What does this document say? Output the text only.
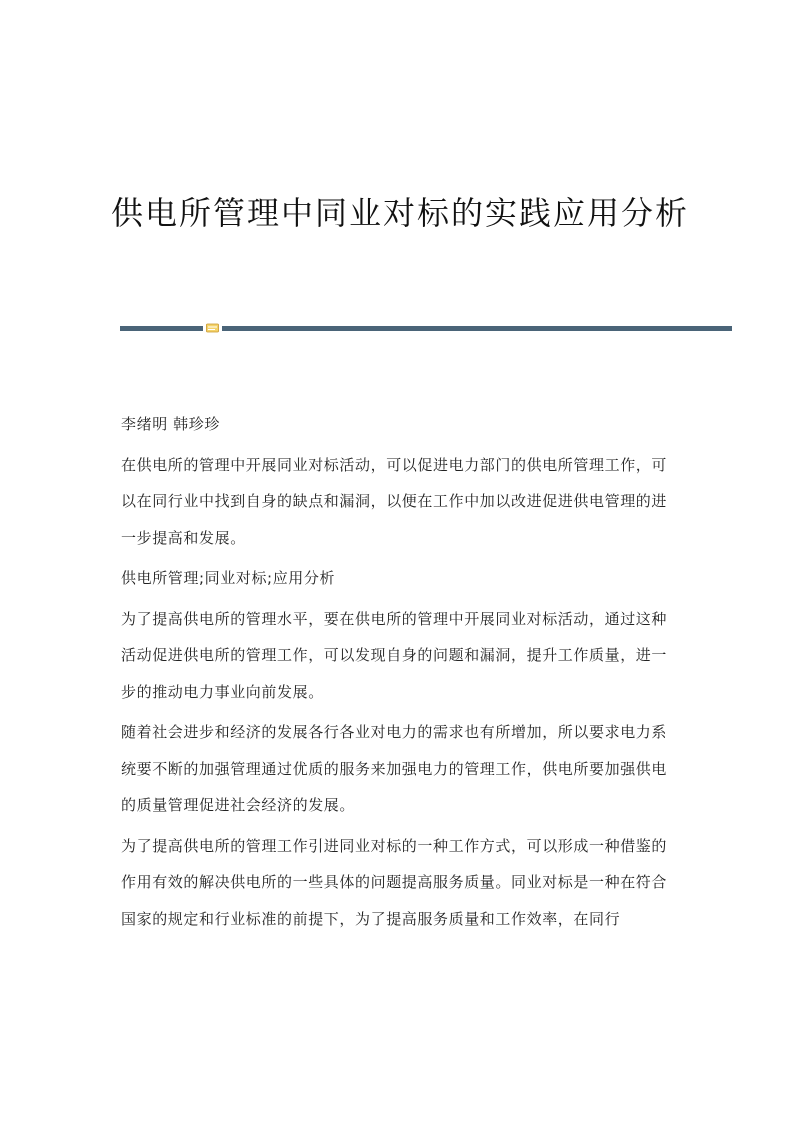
供电所管理中同业对标的实践应用分析

李绪明 韩珍珍

在供电所的管理中开展同业对标活动，可以促进电力部门的供电所管理工作，可以在同行业中找到自身的缺点和漏洞，以便在工作中加以改进促进供电管理的进一步提高和发展。

供电所管理;同业对标;应用分析

为了提高供电所的管理水平，要在供电所的管理中开展同业对标活动，通过这种活动促进供电所的管理工作，可以发现自身的问题和漏洞，提升工作质量，进一步的推动电力事业向前发展。

随着社会进步和经济的发展各行各业对电力的需求也有所增加，所以要求电力系统要不断的加强管理通过优质的服务来加强电力的管理工作，供电所要加强供电的质量管理促进社会经济的发展。

为了提高供电所的管理工作引进同业对标的一种工作方式，可以形成一种借鉴的作用有效的解决供电所的一些具体的问题提高服务质量。同业对标是一种在符合国家的规定和行业标准的前提下，为了提高服务质量和工作效率，在同行
